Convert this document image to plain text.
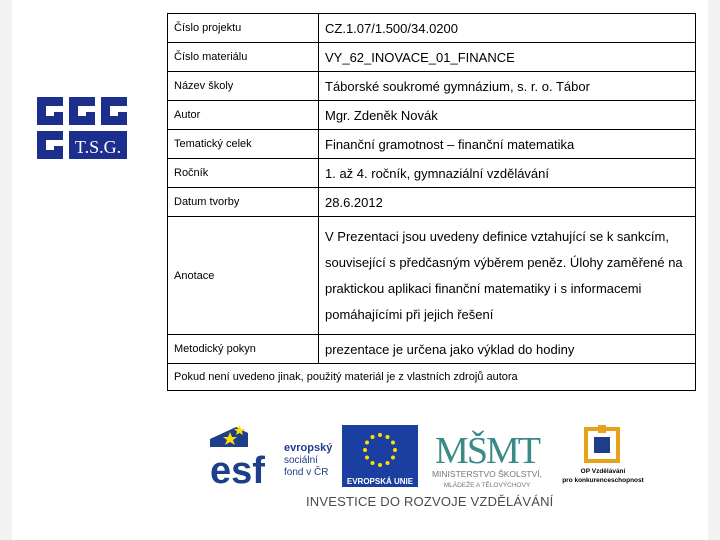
T.S.G.
Číslo projektu	CZ.1.07/1.500/34.0200
Číslo materiálu	VY_62_INOVACE_01_FINANCE
Název školy	Táborské soukromé gymnázium, s. r. o. Tábor
Autor	Mgr. Zdeněk Novák
Tematický celek	Finanční gramotnost – finanční matematika
Ročník	1. až 4. ročník, gymnaziální vzdělávání
Datum tvorby	28.6.2012
Anotace	V Prezentaci jsou uvedeny definice vztahující se k sankcím, související s předčasným výběrem peněz. Úlohy zaměřené na praktickou aplikaci finanční matematiky i s informacemi pomáhajícími při jejich řešení
Metodický pokyn	prezentace je určena jako výklad do hodiny
Pokud není uvedeno jinak, použitý materiál je z vlastních zdrojů autora	
esf
evropský
sociální
fond v ČR
EVROPSKÁ UNIE
MŠMT
MINISTERSTVO ŠKOLSTVÍ,
MLÁDEŽE A TĚLOVÝCHOVY
OP Vzdělávání
pro konkurenceschopnost
INVESTICE DO ROZVOJE VZDĚLÁVÁNÍ
